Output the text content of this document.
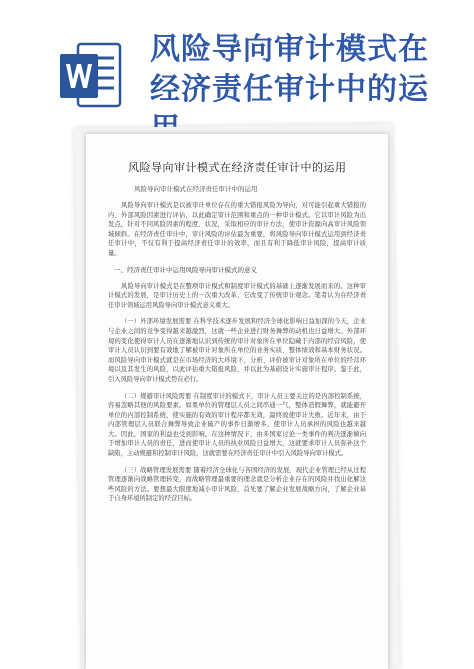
风险导向审计模式在经济责任审计中的运
风险导向审计模式在经济责任审计中的运用
风险导向审计模式在经济责任审计中的运用

风险导向审计模式是以被审计单位存在的重大错报风险为导向，对可能引起重大错报的内、外部风险因素进行评估，以此确定审计范围和重点的一种审计模式。它以审计风险为出发点，针对不同风险因素的程度、状况，采取相应的审计方法，使审计资源向高审计风险领域倾斜。在经济责任审计中，审计风险的评估最为重要，将风险导向审计模式运用到经济责任审计中，不仅有利于提高经济责任审计的效率，而且有利于降低审计风险，提高审计质量。

一、经济责任审计中运用风险导向审计模式的意义

风险导向审计模式是在整项审计模式和制度审计模式的基础上逐渐发展而来的。这种审计模式的发展，是审计历史上的一次重大改革，它改变了传统审计观念。笔者认为在经济责任审计领域运用风险导向审计模式意义重大。

（一）外部环境发展需要 在科学技术逐步发展和经济全球化影响日益加深的今天，企业与企业之间的竞争变得越来越激烈，这就一些企业进行财务舞弊的动机也日益增大。外部环境的变化使得审计人员在逐渐地认识到传统的审计对象所在单位隐藏于内部的经营风险，使审计人员认识到要有效地了解被审计对象所在单位的业务实质、整体绩效和基本财务状况。而风险导向审计模式就是在市场经济的大环境下，分析、评价被审计对象所在单位的经营环境以及其发生的风险，以此评估重大错报风险，并以此为基础设计实施审计程序。鉴于此，引入风险导向审计模式势在必行。

（二）规避审计风险需要 在制度审计的模式下，审计人员主要关注的是内部控制系统，容易忽略其他的风险要素。如果单位的管理层人员之间串通一气，整体造假舞弊，就能避开单位的内部控制系统，使实施的有效的审计程序都无效，最终致使审计失败。近年来，由于内部管理层人员联合舞弊导致企业破产的事件日渐增多，使审计人员承担的风险也越来越大。因此，国家的利益也受到影响。在这种情况下，由多国家讨论一类事件的判决逐渐倾向于增加审计人员的责任，进而使审计人员的执业风险日益增大，这就要求审计人员弥补这个缺陷，主动规避和控制审计风险，这就需要在经济责任审计中引入风险导向审计模式。

（三）战略管理发展需要 随着经济全球化与各国经济的发展，现代企业管理已经从过程管理逐渐向战略管理转变，而战略管理最重要的理念就是分析企业存在的风险并找出化解这些风险的方法。要想最大限度地减小审计风险，首先要了解企业发展战略方向，了解企业基于自身环境所制定的经营目标。
